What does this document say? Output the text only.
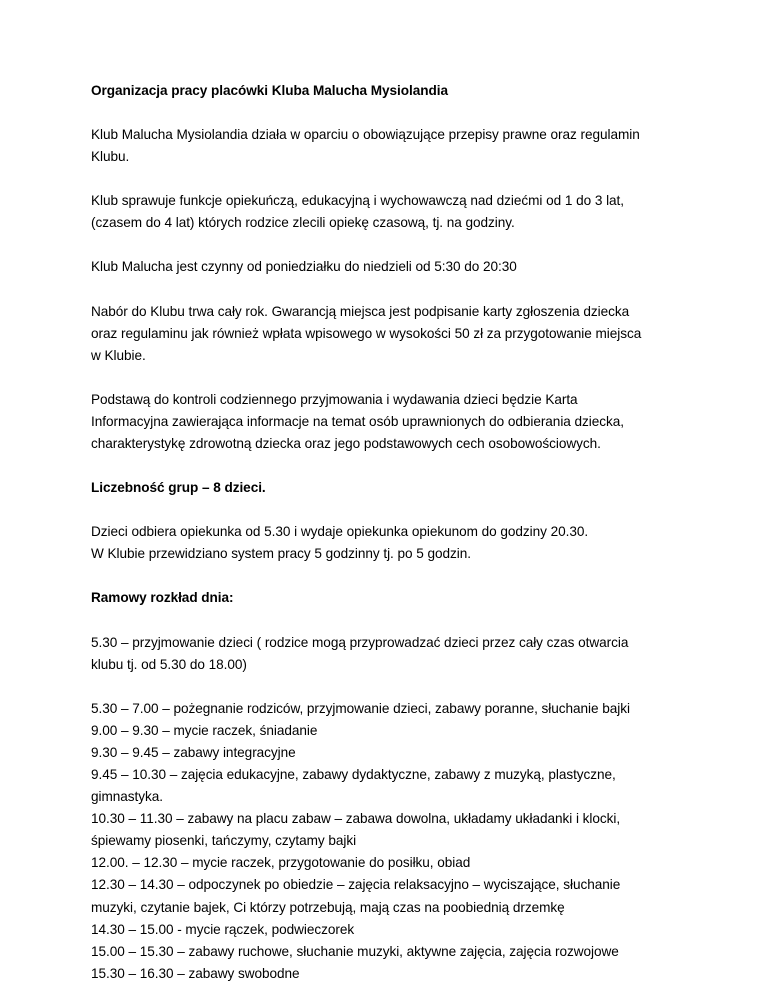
Organizacja pracy placówki Kluba Malucha Mysiolandia

Klub Malucha Mysiolandia działa w oparciu o obowiązujące przepisy prawne oraz regulamin
Klubu.

Klub sprawuje funkcje opiekuńczą, edukacyjną i wychowawczą nad dziećmi od 1 do 3 lat,
(czasem do 4 lat) których rodzice zlecili opiekę czasową, tj. na godziny.

Klub Malucha jest czynny od poniedziałku do niedzieli od 5:30 do 20:30

Nabór do Klubu trwa cały rok. Gwarancją miejsca jest podpisanie karty zgłoszenia dziecka
oraz regulaminu jak również wpłata wpisowego w wysokości 50 zł za przygotowanie miejsca
w Klubie.

Podstawą do kontroli codziennego przyjmowania i wydawania dzieci będzie Karta
Informacyjna zawierająca informacje na temat osób uprawnionych do odbierania dziecka,
charakterystykę zdrowotną dziecka oraz jego podstawowych cech osobowościowych.

Liczebność grup – 8 dzieci.

Dzieci odbiera opiekunka od 5.30 i wydaje opiekunka opiekunom do godziny 20.30.
W Klubie przewidziano system pracy 5 godzinny tj. po 5 godzin.

Ramowy rozkład dnia:

5.30 – przyjmowanie dzieci ( rodzice mogą przyprowadzać dzieci przez cały czas otwarcia
klubu tj. od 5.30 do 18.00)

5.30 – 7.00 – pożegnanie rodziców, przyjmowanie dzieci, zabawy poranne, słuchanie bajki
9.00 – 9.30 – mycie raczek, śniadanie
9.30 – 9.45 – zabawy integracyjne
9.45 – 10.30 – zajęcia edukacyjne, zabawy dydaktyczne, zabawy z muzyką, plastyczne,
gimnastyka.
10.30 – 11.30 – zabawy na placu zabaw – zabawa dowolna, układamy układanki i klocki,
śpiewamy piosenki, tańczymy, czytamy bajki
12.00. – 12.30 – mycie raczek, przygotowanie do posiłku, obiad
12.30 – 14.30 – odpoczynek po obiedzie – zajęcia relaksacyjno – wyciszające, słuchanie
muzyki, czytanie bajek, Ci którzy potrzebują, mają czas na poobiednią drzemkę
14.30 – 15.00 - mycie rączek, podwieczorek
15.00 – 15.30 – zabawy ruchowe, słuchanie muzyki, aktywne zajęcia, zajęcia rozwojowe
15.30 – 16.30 – zabawy swobodne
